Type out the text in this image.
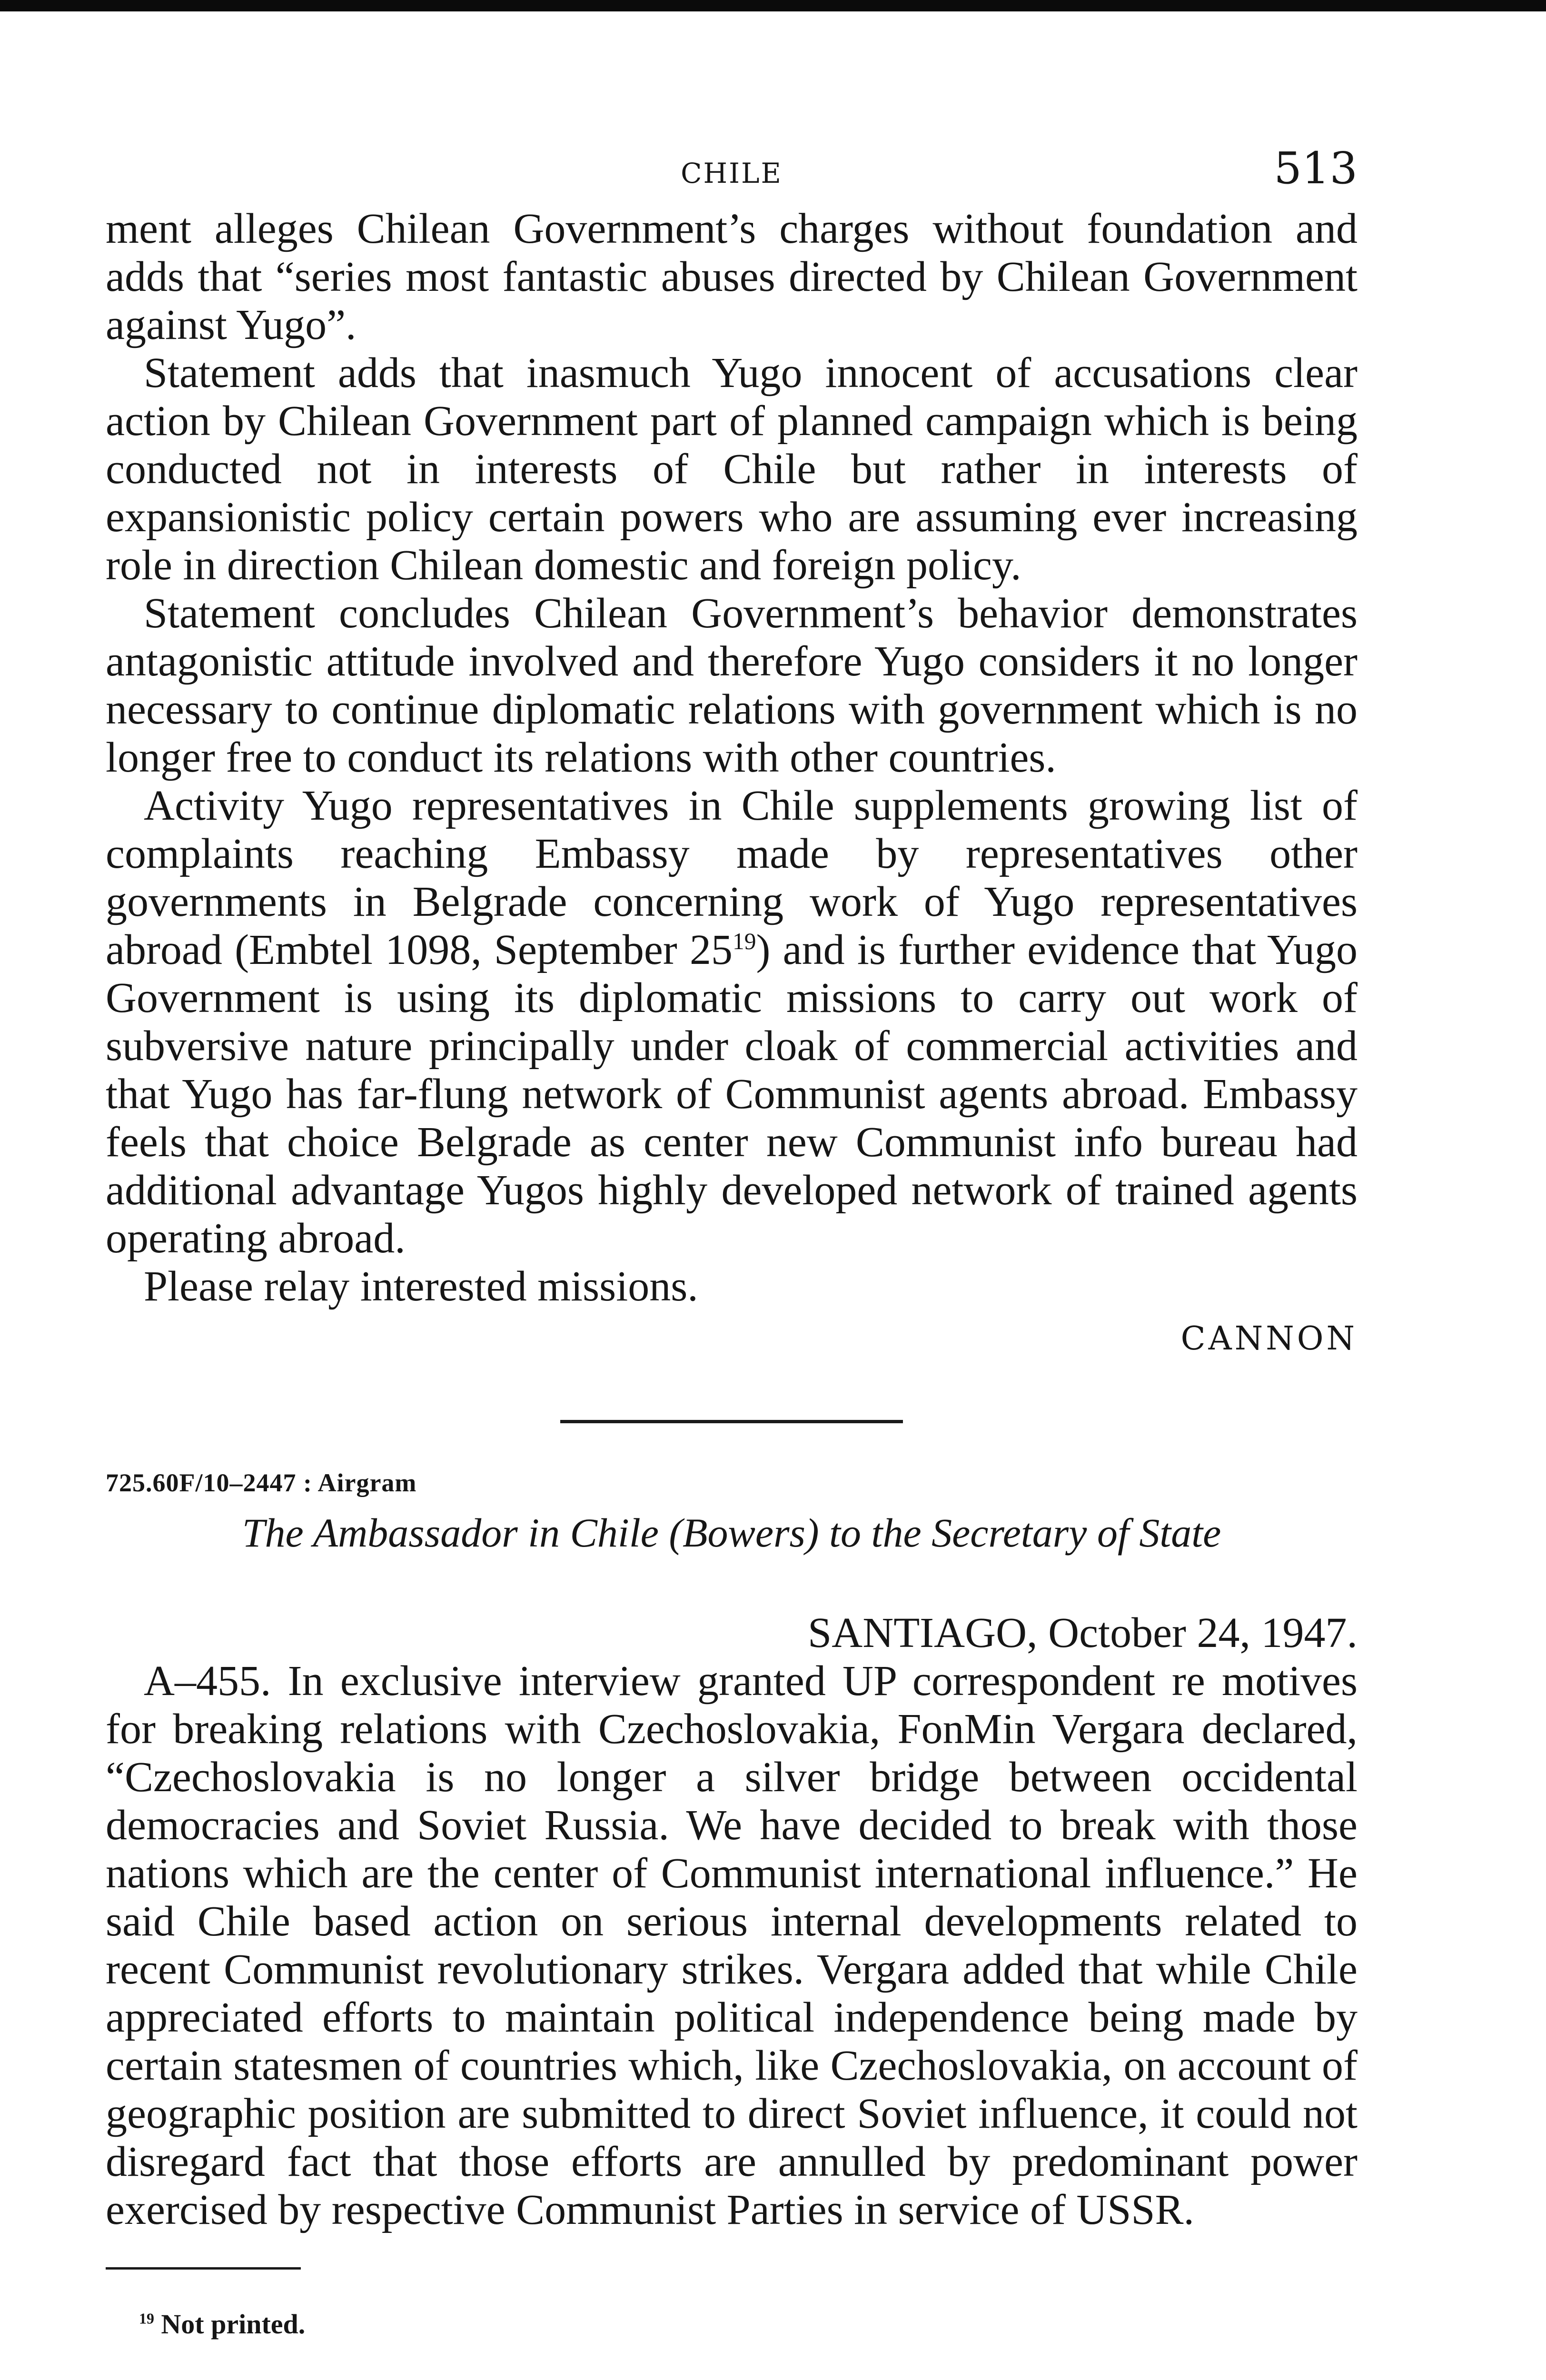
CHILE	513

ment alleges Chilean Government’s charges without foundation and adds that “series most fantastic abuses directed by Chilean Government against Yugo”.

Statement adds that inasmuch Yugo innocent of accusations clear action by Chilean Government part of planned campaign which is being conducted not in interests of Chile but rather in interests of expansionistic policy certain powers who are assuming ever increasing role in direction Chilean domestic and foreign policy.

Statement concludes Chilean Government’s behavior demonstrates antagonistic attitude involved and therefore Yugo considers it no longer necessary to continue diplomatic relations with government which is no longer free to conduct its relations with other countries.

Activity Yugo representatives in Chile supplements growing list of complaints reaching Embassy made by representatives other governments in Belgrade concerning work of Yugo representatives abroad (Embtel 1098, September $25^{19}$) and is further evidence that Yugo Government is using its diplomatic missions to carry out work of subversive nature principally under cloak of commercial activities and that Yugo has far-flung network of Communist agents abroad. Embassy feels that choice Belgrade as center new Communist info bureau had additional advantage Yugos highly developed network of trained agents operating abroad.

Please relay interested missions.

CANNON
725.60F/10–2447 : Airgram
The Ambassador in Chile (Bowers) to the Secretary of State
SANTIAGO, October 24, 1947.

A–455. In exclusive interview granted UP correspondent re motives for breaking relations with Czechoslovakia, FonMin Vergara declared, “Czechoslovakia is no longer a silver bridge between occidental democracies and Soviet Russia. We have decided to break with those nations which are the center of Communist international influence.” He said Chile based action on serious internal developments related to recent Communist revolutionary strikes. Vergara added that while Chile appreciated efforts to maintain political independence being made by certain statesmen of countries which, like Czechoslovakia, on account of geographic position are submitted to direct Soviet influence, it could not disregard fact that those efforts are annulled by predominant power exercised by respective Communist Parties in service of USSR.

$^{19}$ Not printed.
